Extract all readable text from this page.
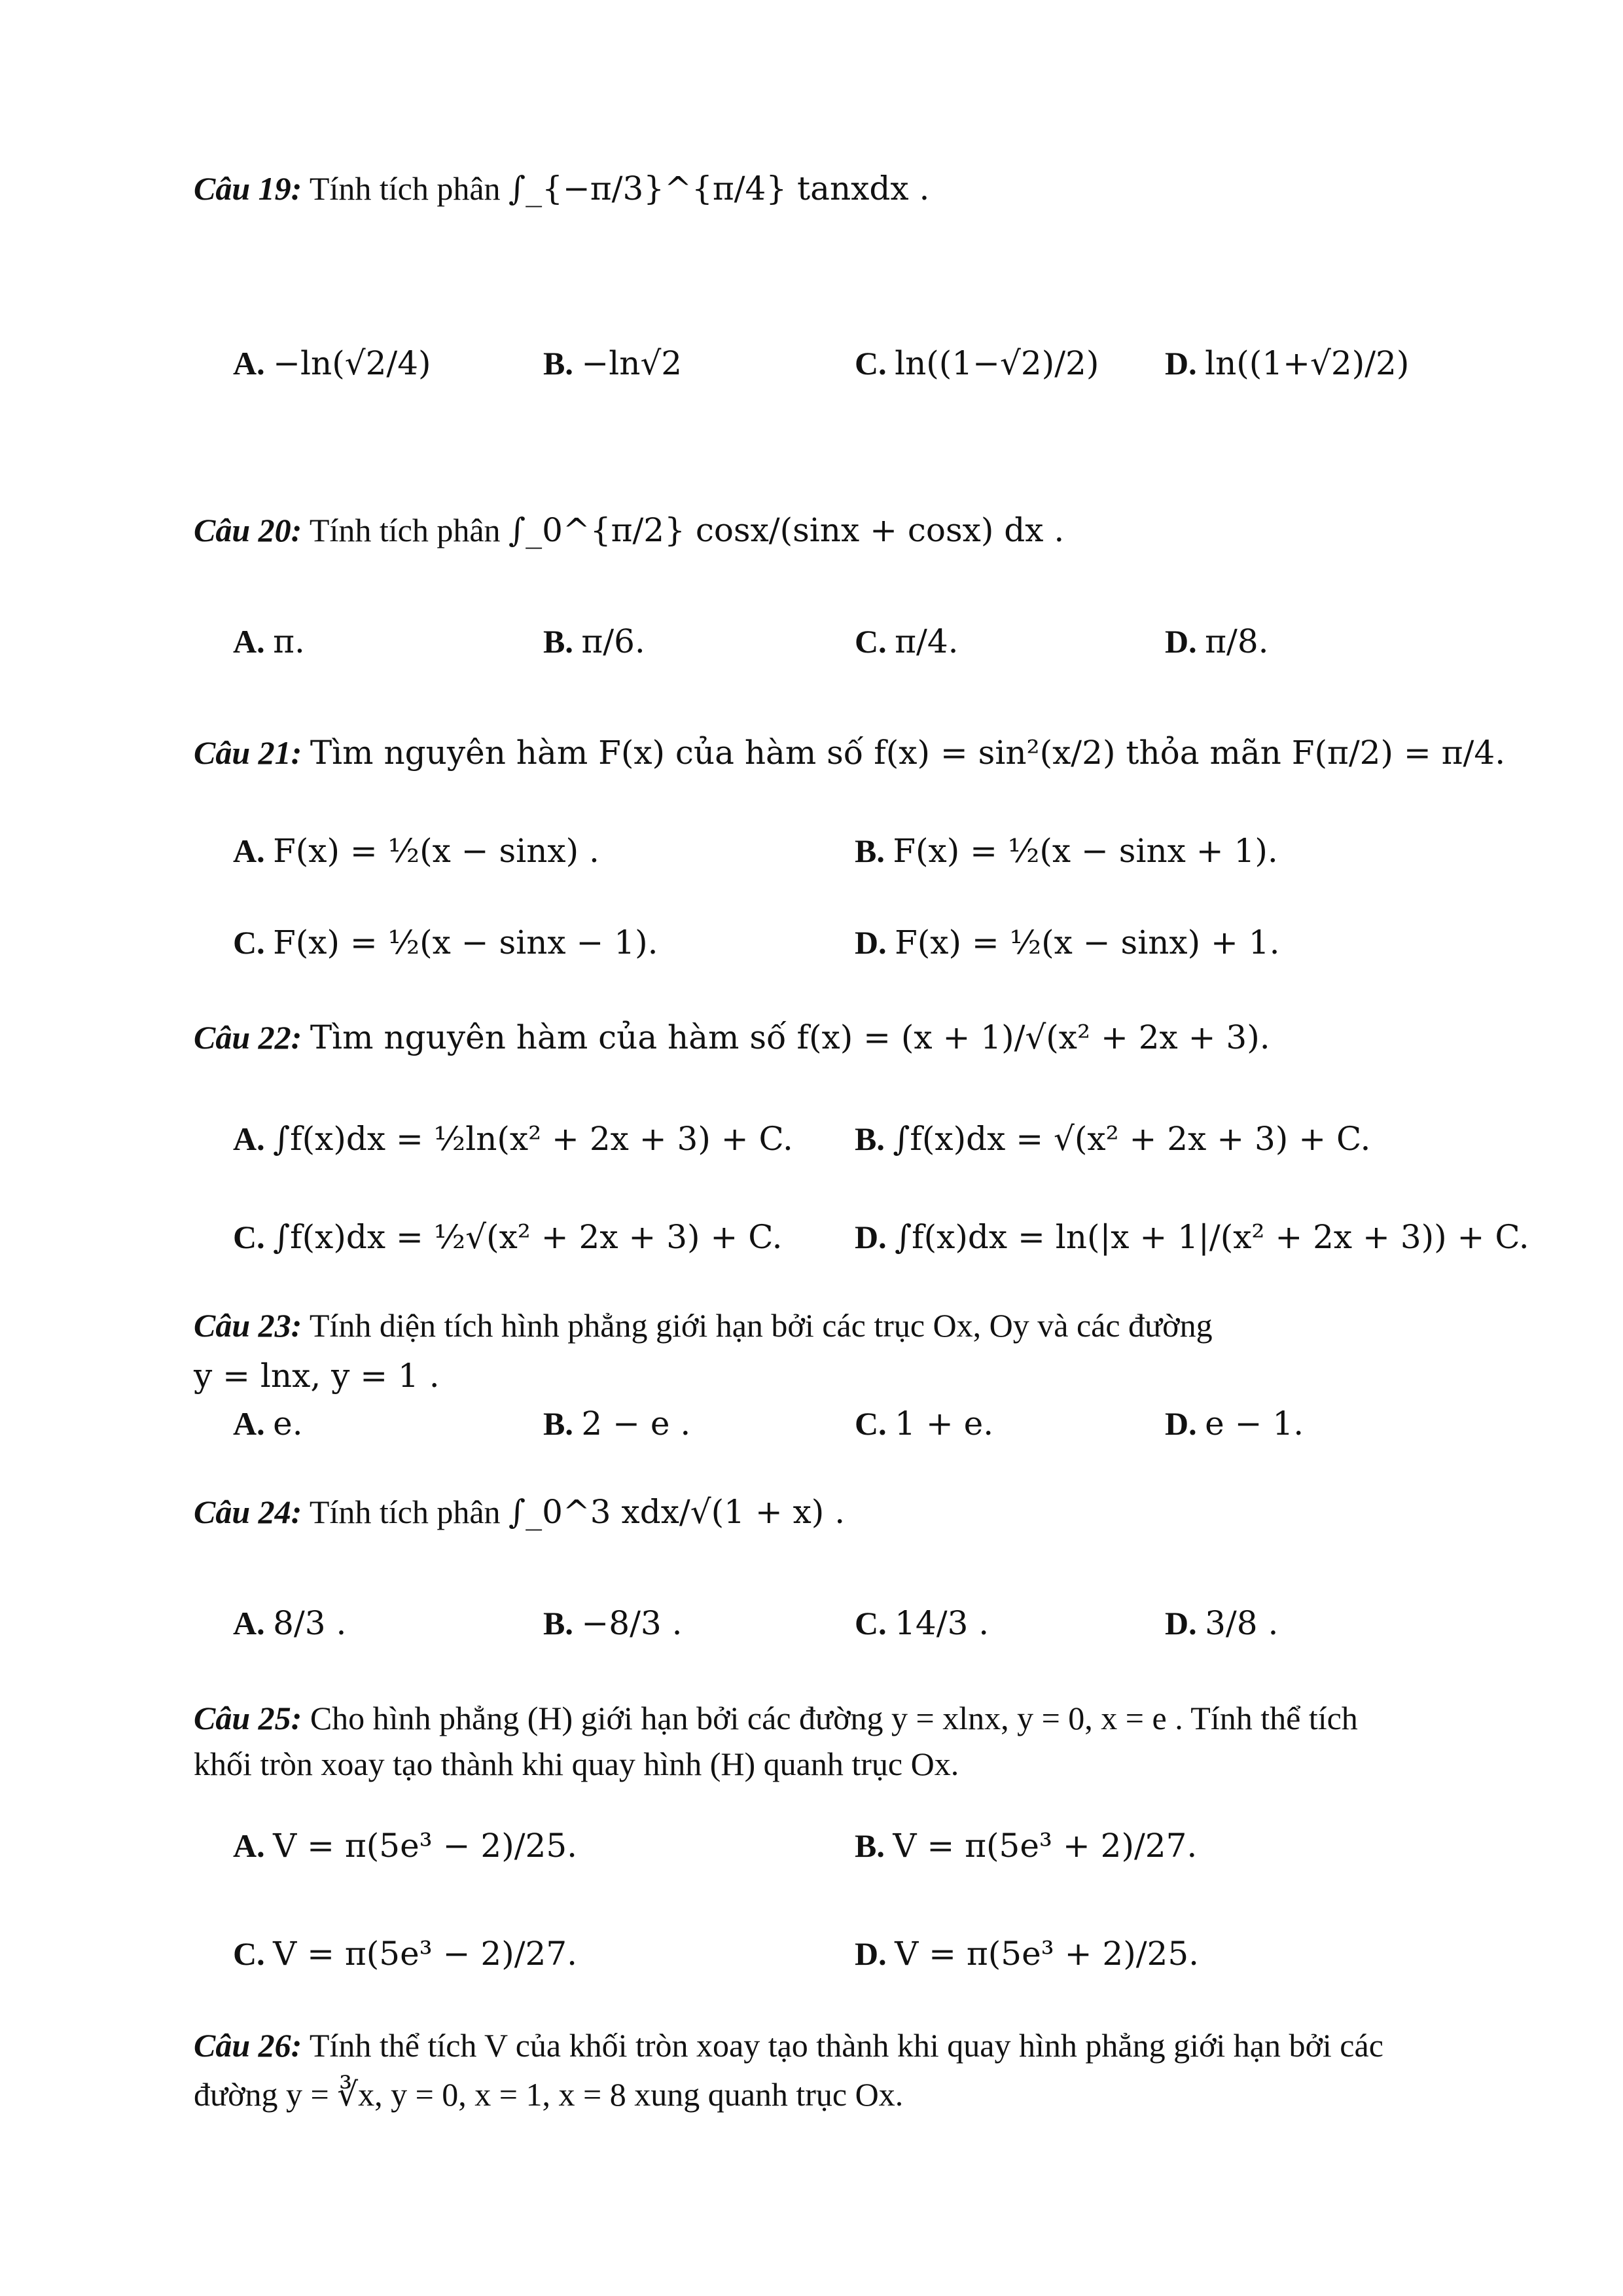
Câu 19: Tính tích phân ∫_{−π/3}^{π/4} tanxdx .
A. −ln(√2/4)	B. −ln√2	C. ln((1−√2)/2) D. ln((1+√2)/2)
Câu 20: Tính tích phân ∫_0^{π/2} cosx/(sinx + cosx) dx .
A. π.	B. π/6.	C. π/4.	D. π/8.
Câu 21: Tìm nguyên hàm F(x) của hàm số f(x) = sin²(x/2) thỏa mãn F(π/2) = π/4.
A. F(x) = ½(x − sinx) .	B. F(x) = ½(x − sinx + 1).
C. F(x) = ½(x − sinx − 1).	D. F(x) = ½(x − sinx) + 1.
Câu 22: Tìm nguyên hàm của hàm số f(x) = (x + 1)/√(x² + 2x + 3).
A. ∫f(x)dx = ½ln(x² + 2x + 3) + C. B. ∫f(x)dx = √(x² + 2x + 3) + C.
C. ∫f(x)dx = ½√(x² + 2x + 3) + C. D. ∫f(x)dx = ln(|x + 1|/(x² + 2x + 3)) + C.
Câu 23: Tính diện tích hình phẳng giới hạn bởi các trục Ox, Oy và các đường
y = lnx, y = 1 .
A. e.	B. 2 − e .	C. 1 + e.	D. e − 1.
Câu 24: Tính tích phân ∫_0^3 xdx/√(1 + x) .
A. 8/3 .	B. −8/3 .	C. 14/3 .	D. 3/8 .
Câu 25: Cho hình phẳng (H) giới hạn bởi các đường y = xlnx, y = 0, x = e . Tính thể tích
khối tròn xoay tạo thành khi quay hình (H) quanh trục Ox.
A. V = π(5e³ − 2)/25.	B. V = π(5e³ + 2)/27.
C. V = π(5e³ − 2)/27.	D. V = π(5e³ + 2)/25.
Câu 26: Tính thể tích V của khối tròn xoay tạo thành khi quay hình phẳng giới hạn bởi các
đường y = ∛x, y = 0, x = 1, x = 8 xung quanh trục Ox.
